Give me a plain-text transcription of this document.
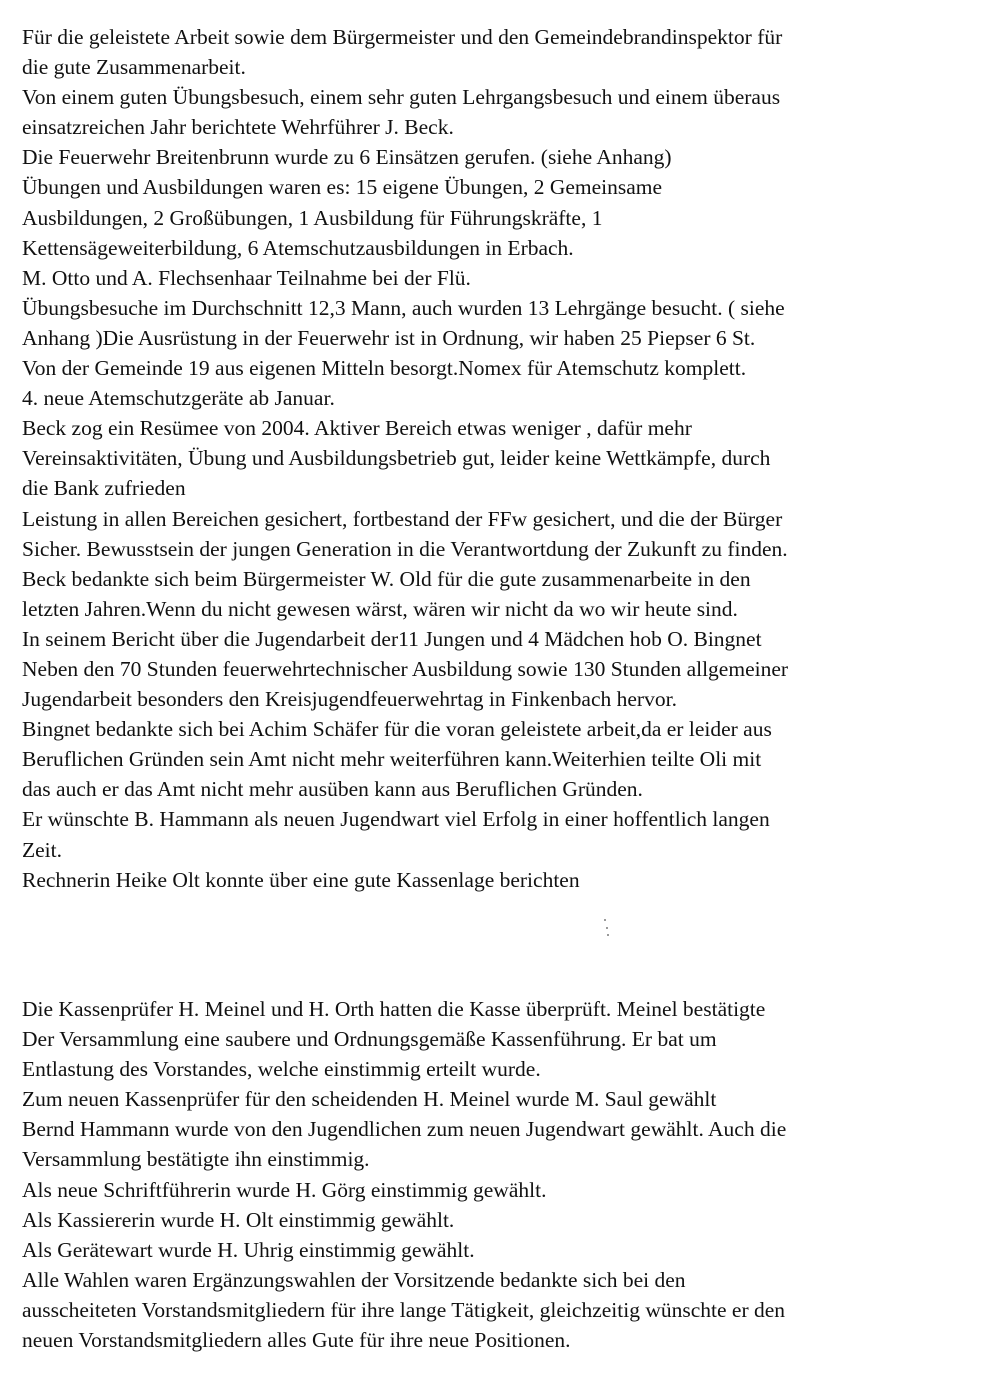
Für die geleistete Arbeit sowie dem Bürgermeister und den Gemeindebrandinspektor für
die gute Zusammenarbeit.
Von einem guten Übungsbesuch, einem sehr guten Lehrgangsbesuch und einem überaus
einsatzreichen Jahr berichtete Wehrführer J. Beck.
Die Feuerwehr Breitenbrunn wurde zu 6 Einsätzen gerufen. (siehe Anhang)
Übungen und Ausbildungen waren es: 15 eigene Übungen, 2 Gemeinsame
Ausbildungen, 2 Großübungen, 1 Ausbildung für Führungskräfte, 1
Kettensägeweiterbildung, 6 Atemschutzausbildungen in Erbach.
M. Otto und A. Flechsenhaar Teilnahme bei der Flü.
Übungsbesuche im Durchschnitt 12,3 Mann, auch wurden 13 Lehrgänge besucht. ( siehe
Anhang )Die Ausrüstung in der Feuerwehr ist in Ordnung, wir haben 25 Piepser 6 St.
Von der Gemeinde 19 aus eigenen Mitteln besorgt.Nomex für Atemschutz komplett.
4. neue Atemschutzgeräte ab Januar.
Beck zog ein Resümee von 2004. Aktiver Bereich etwas weniger , dafür mehr
Vereinsaktivitäten, Übung und Ausbildungsbetrieb gut, leider keine Wettkämpfe, durch
die Bank zufrieden
Leistung in allen Bereichen gesichert, fortbestand der FFw gesichert, und die der Bürger
Sicher. Bewusstsein der jungen Generation in die Verantwortdung der Zukunft zu finden.
Beck bedankte sich beim Bürgermeister W. Old für die gute zusammenarbeite in den
letzten Jahren.Wenn du nicht gewesen wärst, wären wir nicht da wo wir heute sind.
In seinem Bericht über die Jugendarbeit der11 Jungen und 4 Mädchen hob O. Bingnet
Neben den 70 Stunden feuerwehrtechnischer Ausbildung sowie 130 Stunden allgemeiner
Jugendarbeit besonders den Kreisjugendfeuerwehrtag in Finkenbach hervor.
Bingnet bedankte sich bei Achim Schäfer für die voran geleistete arbeit,da er leider aus
Beruflichen Gründen sein Amt nicht mehr weiterführen kann.Weiterhien teilte Oli mit
das auch er das Amt nicht mehr ausüben kann aus Beruflichen Gründen.
Er wünschte B. Hammann als neuen Jugendwart viel Erfolg in einer hoffentlich langen
Zeit.
Rechnerin Heike Olt konnte über eine gute Kassenlage berichten
Die Kassenprüfer H. Meinel und H. Orth hatten die Kasse überprüft. Meinel bestätigte
Der Versammlung eine saubere und Ordnungsgemäße Kassenführung. Er bat um
Entlastung des Vorstandes, welche einstimmig erteilt wurde.
Zum neuen Kassenprüfer für den scheidenden H. Meinel wurde M. Saul gewählt
Bernd Hammann wurde von den Jugendlichen zum neuen Jugendwart gewählt. Auch die
Versammlung bestätigte ihn einstimmig.
Als neue Schriftführerin wurde H. Görg einstimmig gewählt.
Als Kassiererin wurde H. Olt einstimmig gewählt.
Als Gerätewart wurde H. Uhrig einstimmig gewählt.
Alle Wahlen waren Ergänzungswahlen der Vorsitzende bedankte sich bei den
ausscheiteten Vorstandsmitgliedern für ihre lange Tätigkeit, gleichzeitig wünschte er den
neuen Vorstandsmitgliedern alles Gute für ihre neue Positionen.
